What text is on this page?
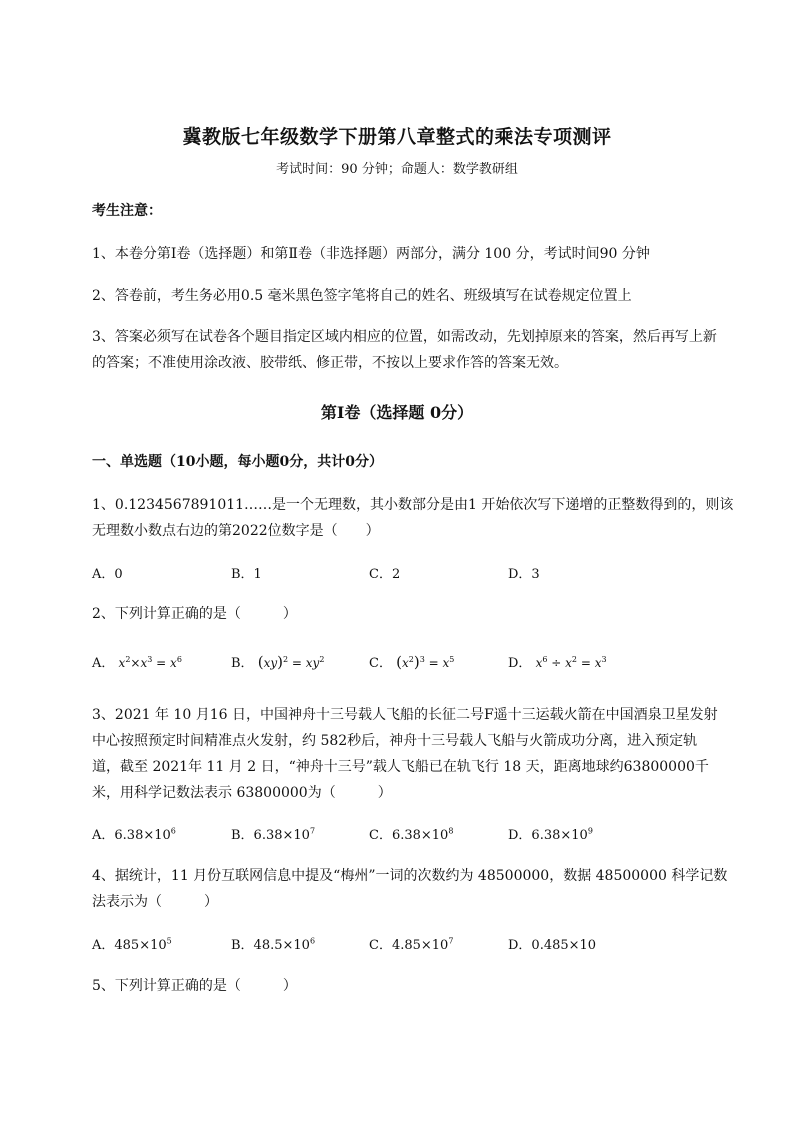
冀教版七年级数学下册第八章整式的乘法专项测评
考试时间：90 分钟；命题人：数学教研组
考生注意：
1、本卷分第Ⅰ卷（选择题）和第Ⅱ卷（非选择题）两部分，满分 100 分，考试时间90 分钟
2、答卷前，考生务必用0.5 毫米黑色签字笔将自己的姓名、班级填写在试卷规定位置上
3、答案必须写在试卷各个题目指定区域内相应的位置，如需改动，先划掉原来的答案，然后再写上新
的答案；不准使用涂改液、胶带纸、修正带，不按以上要求作答的答案无效。
第Ⅰ卷（选择题 0分）
一、单选题（10小题，每小题0分，共计0分）
1、0.1234567891011……是一个无理数，其小数部分是由1 开始依次写下递增的正整数得到的，则该
无理数小数点右边的第2022位数字是（　　）
A．0	B．1	C．2	D．3
2、下列计算正确的是（　　　）
A． $x^2\times x^3 = x^6$	B． $(xy)^2 = xy^2$	C． $(x^2)^3 = x^5$	D． $x^6 \div x^2 = x^3$
3、2021 年 10 月16 日，中国神舟十三号载人飞船的长征二号F遥十三运载火箭在中国酒泉卫星发射
中心按照预定时间精准点火发射，约 582秒后，神舟十三号载人飞船与火箭成功分离，进入预定轨
道，截至 2021年 11 月 2 日，“神舟十三号”载人飞船已在轨飞行 18 天，距离地球约63800000千
米，用科学记数法表示 63800000为（　　　）
A．$6.38\times 10^6$	B．$6.38\times 10^7$	C．$6.38\times 10^8$	D．$6.38\times 10^9$
4、据统计，11 月份互联网信息中提及“梅州”一词的次数约为 48500000，数据 48500000 科学记数
法表示为（　　　）
A．$485\times 10^5$	B．$48.5\times 10^6$	C．$4.85\times 10^7$	D．0.485×10
5、下列计算正确的是（　　　）
